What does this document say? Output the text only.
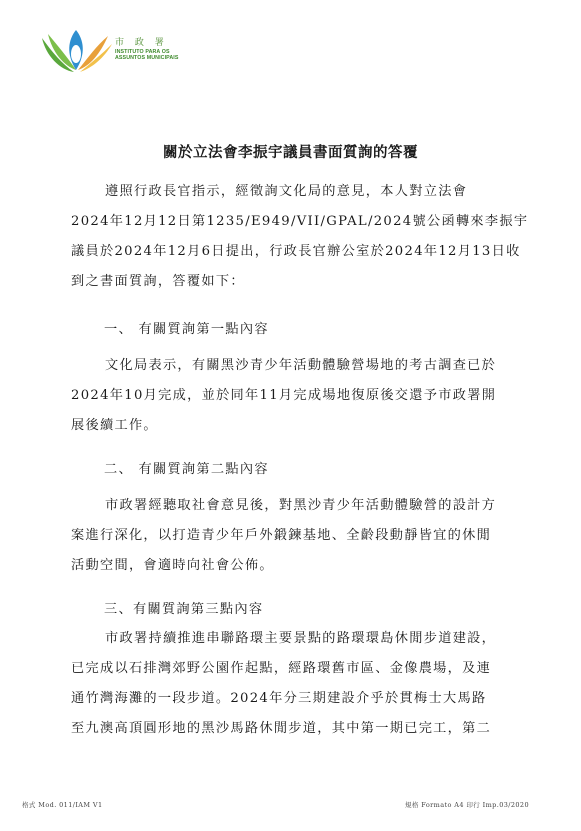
市 政 署
INSTITUTO PARA OS
ASSUNTOS MUNICIPAIS
關於立法會李振宇議員書面質詢的答覆
遵照行政長官指示，經徵詢文化局的意見，本人對立法會
2024年12月12日第1235/E949/VII/GPAL/2024號公函轉來李振宇
議員於2024年12月6日提出，行政長官辦公室於2024年12月13日收
到之書面質詢，答覆如下：
一、 有關質詢第一點內容
文化局表示，有關黑沙青少年活動體驗營場地的考古調查已於
2024年10月完成，並於同年11月完成場地復原後交還予市政署開
展後續工作。
二、 有關質詢第二點內容
市政署經聽取社會意見後，對黑沙青少年活動體驗營的設計方
案進行深化，以打造青少年戶外鍛鍊基地、全齡段動靜皆宜的休閒
活動空間，會適時向社會公佈。
三、有關質詢第三點內容
市政署持續推進串聯路環主要景點的路環環島休閒步道建設，
已完成以石排灣郊野公園作起點，經路環舊市區、金像農場，及連
通竹灣海灘的一段步道。2024年分三期建設介乎於貫梅士大馬路
至九澳高頂圓形地的黑沙馬路休閒步道，其中第一期已完工，第二
格式 Mod. 011/IAM V1	規格 Formato A4 印行 Imp.03/2020
